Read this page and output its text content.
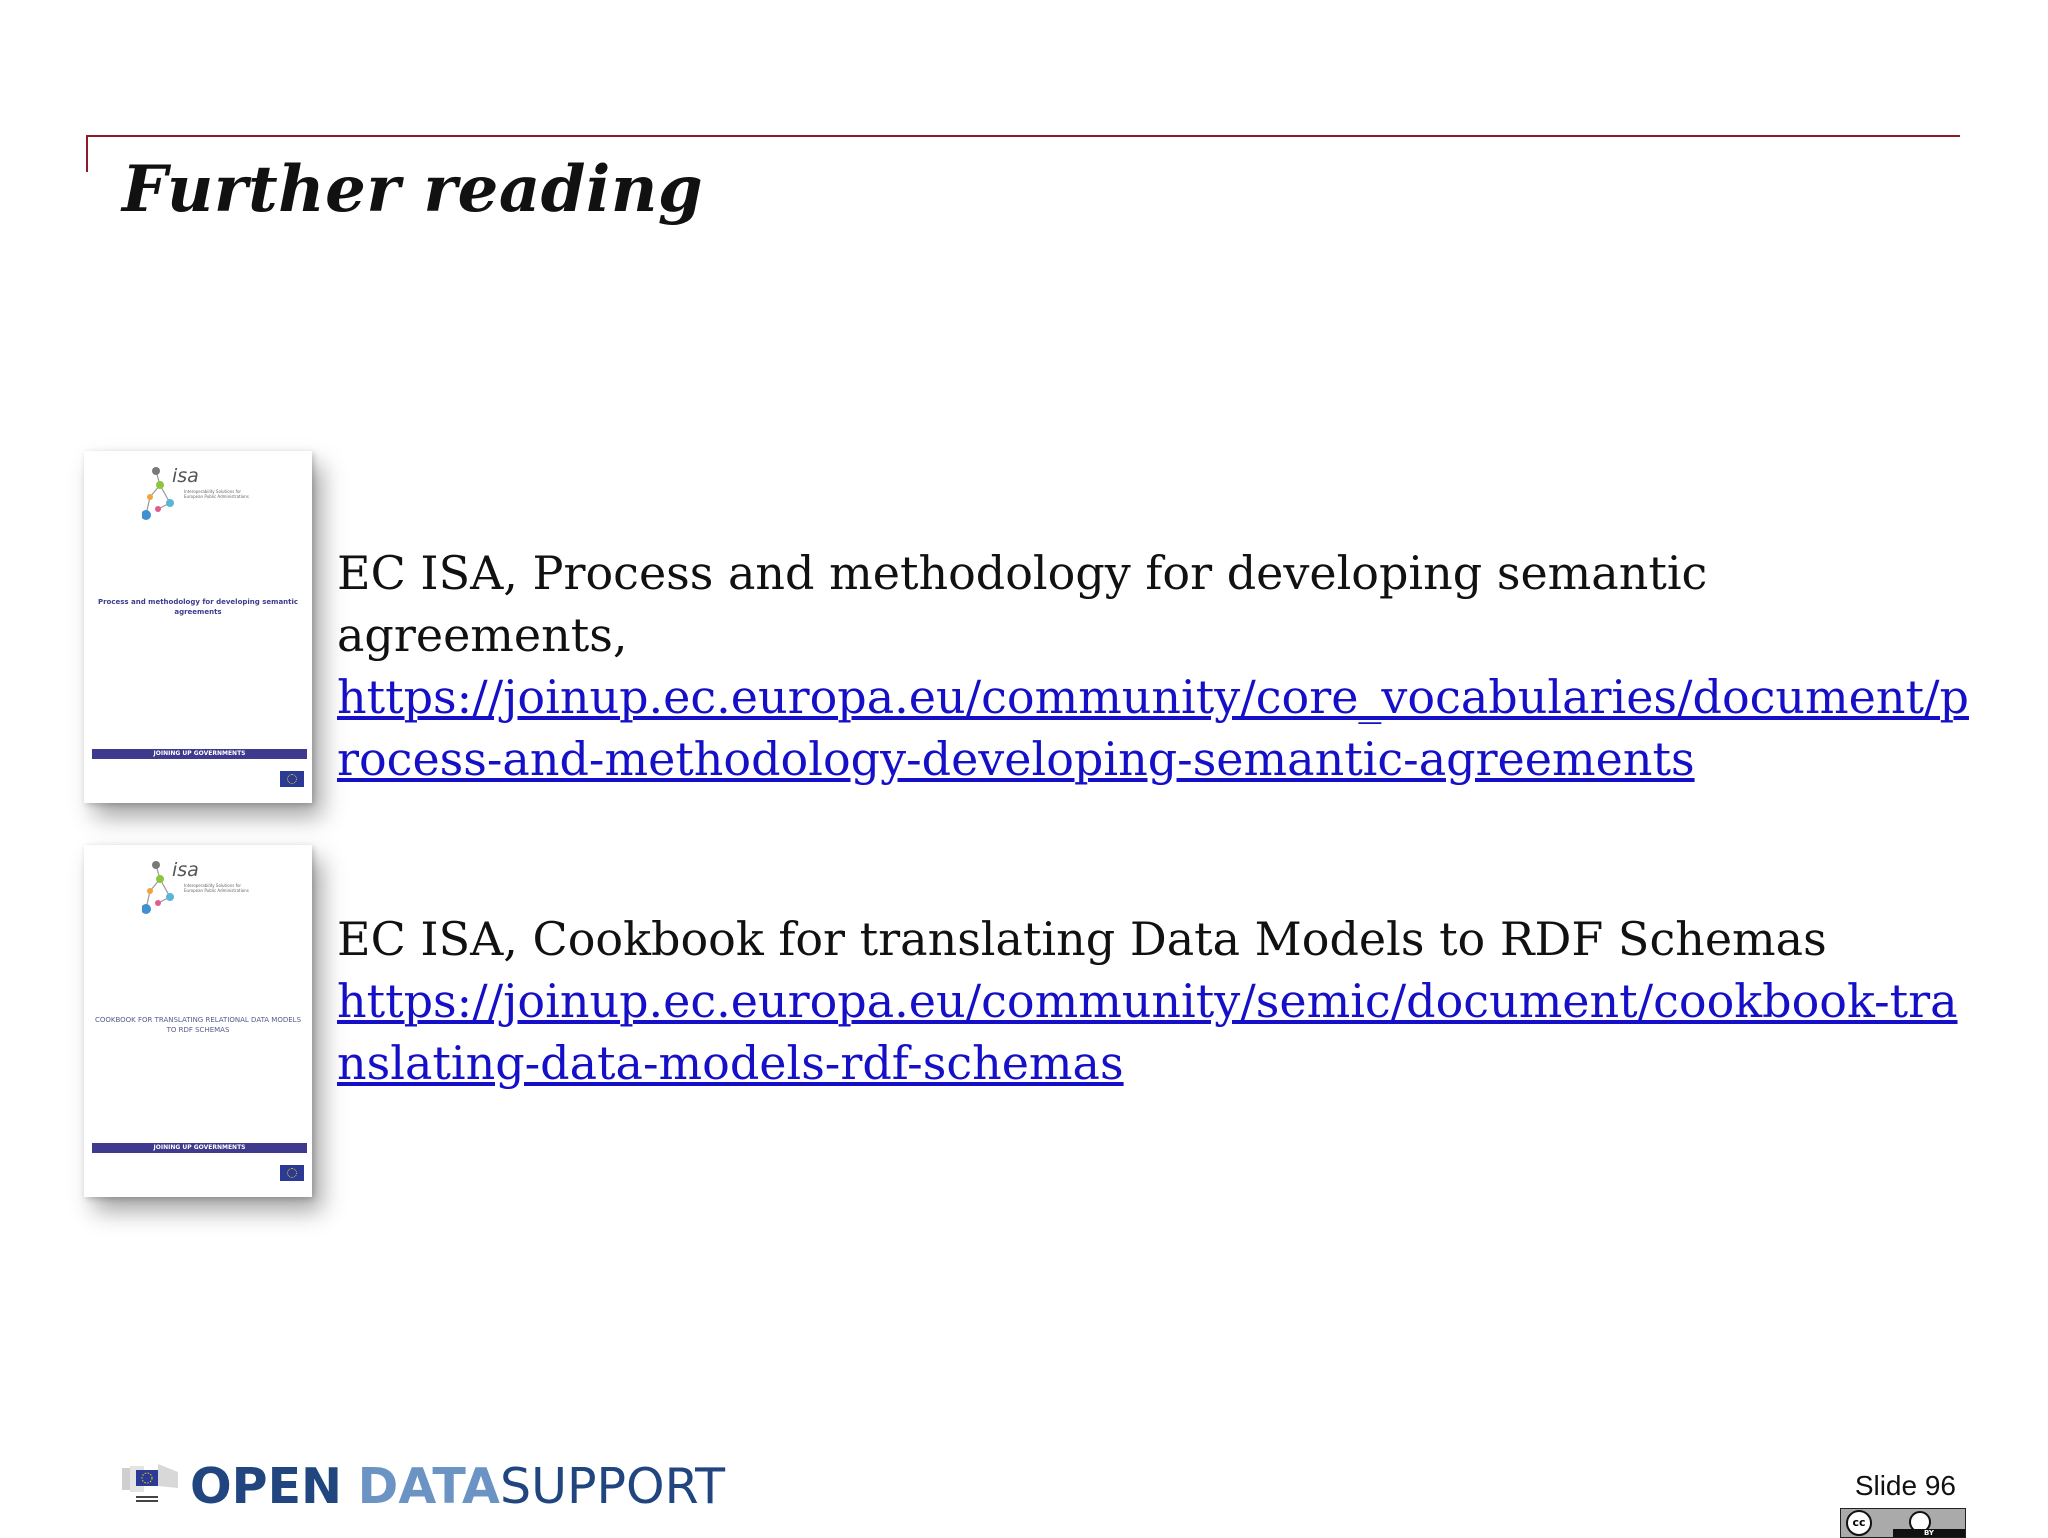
Further reading
isa
Interoperability Solutions for European Public Administrations
Process and methodology for developing semantic agreements
JOINING UP GOVERNMENTS
isa
Interoperability Solutions for European Public Administrations
COOKBOOK FOR TRANSLATING RELATIONAL DATA MODELS TO RDF SCHEMAS
JOINING UP GOVERNMENTS
EC ISA, Process and methodology for developing semantic agreements,
https://joinup.ec.europa.eu/community/core_vocabularies/document/process-and-methodology-developing-semantic-agreements
EC ISA, Cookbook for translating Data Models to RDF Schemas
https://joinup.ec.europa.eu/community/semic/document/cookbook-translating-data-models-rdf-schemas
OPEN DATASUPPORT	Slide 96
cc
BY
